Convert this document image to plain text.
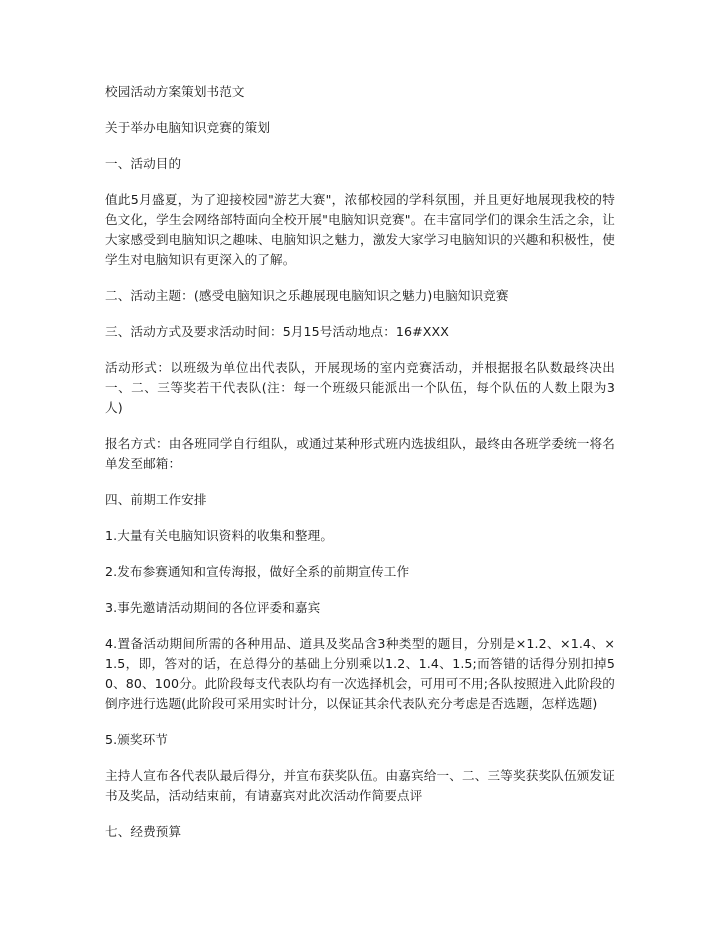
校园活动方案策划书范文

关于举办电脑知识竞赛的策划

一、活动目的

值此5月盛夏，为了迎接校园"游艺大赛"，浓郁校园的学科氛围，并且更好地展现我校的特色文化，学生会网络部特面向全校开展"电脑知识竞赛"。在丰富同学们的课余生活之余，让大家感受到电脑知识之趣味、电脑知识之魅力，激发大家学习电脑知识的兴趣和积极性，使学生对电脑知识有更深入的了解。

二、活动主题：(感受电脑知识之乐趣展现电脑知识之魅力)电脑知识竞赛

三、活动方式及要求活动时间：5月15号活动地点：16#XXX

活动形式：以班级为单位出代表队，开展现场的室内竞赛活动，并根据报名队数最终决出一、二、三等奖若干代表队(注：每一个班级只能派出一个队伍，每个队伍的人数上限为3人)

报名方式：由各班同学自行组队，或通过某种形式班内选拔组队，最终由各班学委统一将名单发至邮箱：

四、前期工作安排

1.大量有关电脑知识资料的收集和整理。

2.发布参赛通知和宣传海报，做好全系的前期宣传工作

3.事先邀请活动期间的各位评委和嘉宾

4.置备活动期间所需的各种用品、道具及奖品含3种类型的题目，分别是×1.2、×1.4、×1.5，即，答对的话，在总得分的基础上分别乘以1.2、1.4、1.5;而答错的话得分别扣掉50、80、100分。此阶段每支代表队均有一次选择机会，可用可不用;各队按照进入此阶段的倒序进行选题(此阶段可采用实时计分，以保证其余代表队充分考虑是否选题，怎样选题)

5.颁奖环节

主持人宣布各代表队最后得分，并宣布获奖队伍。由嘉宾给一、二、三等奖获奖队伍颁发证书及奖品，活动结束前，有请嘉宾对此次活动作简要点评

七、经费预算
